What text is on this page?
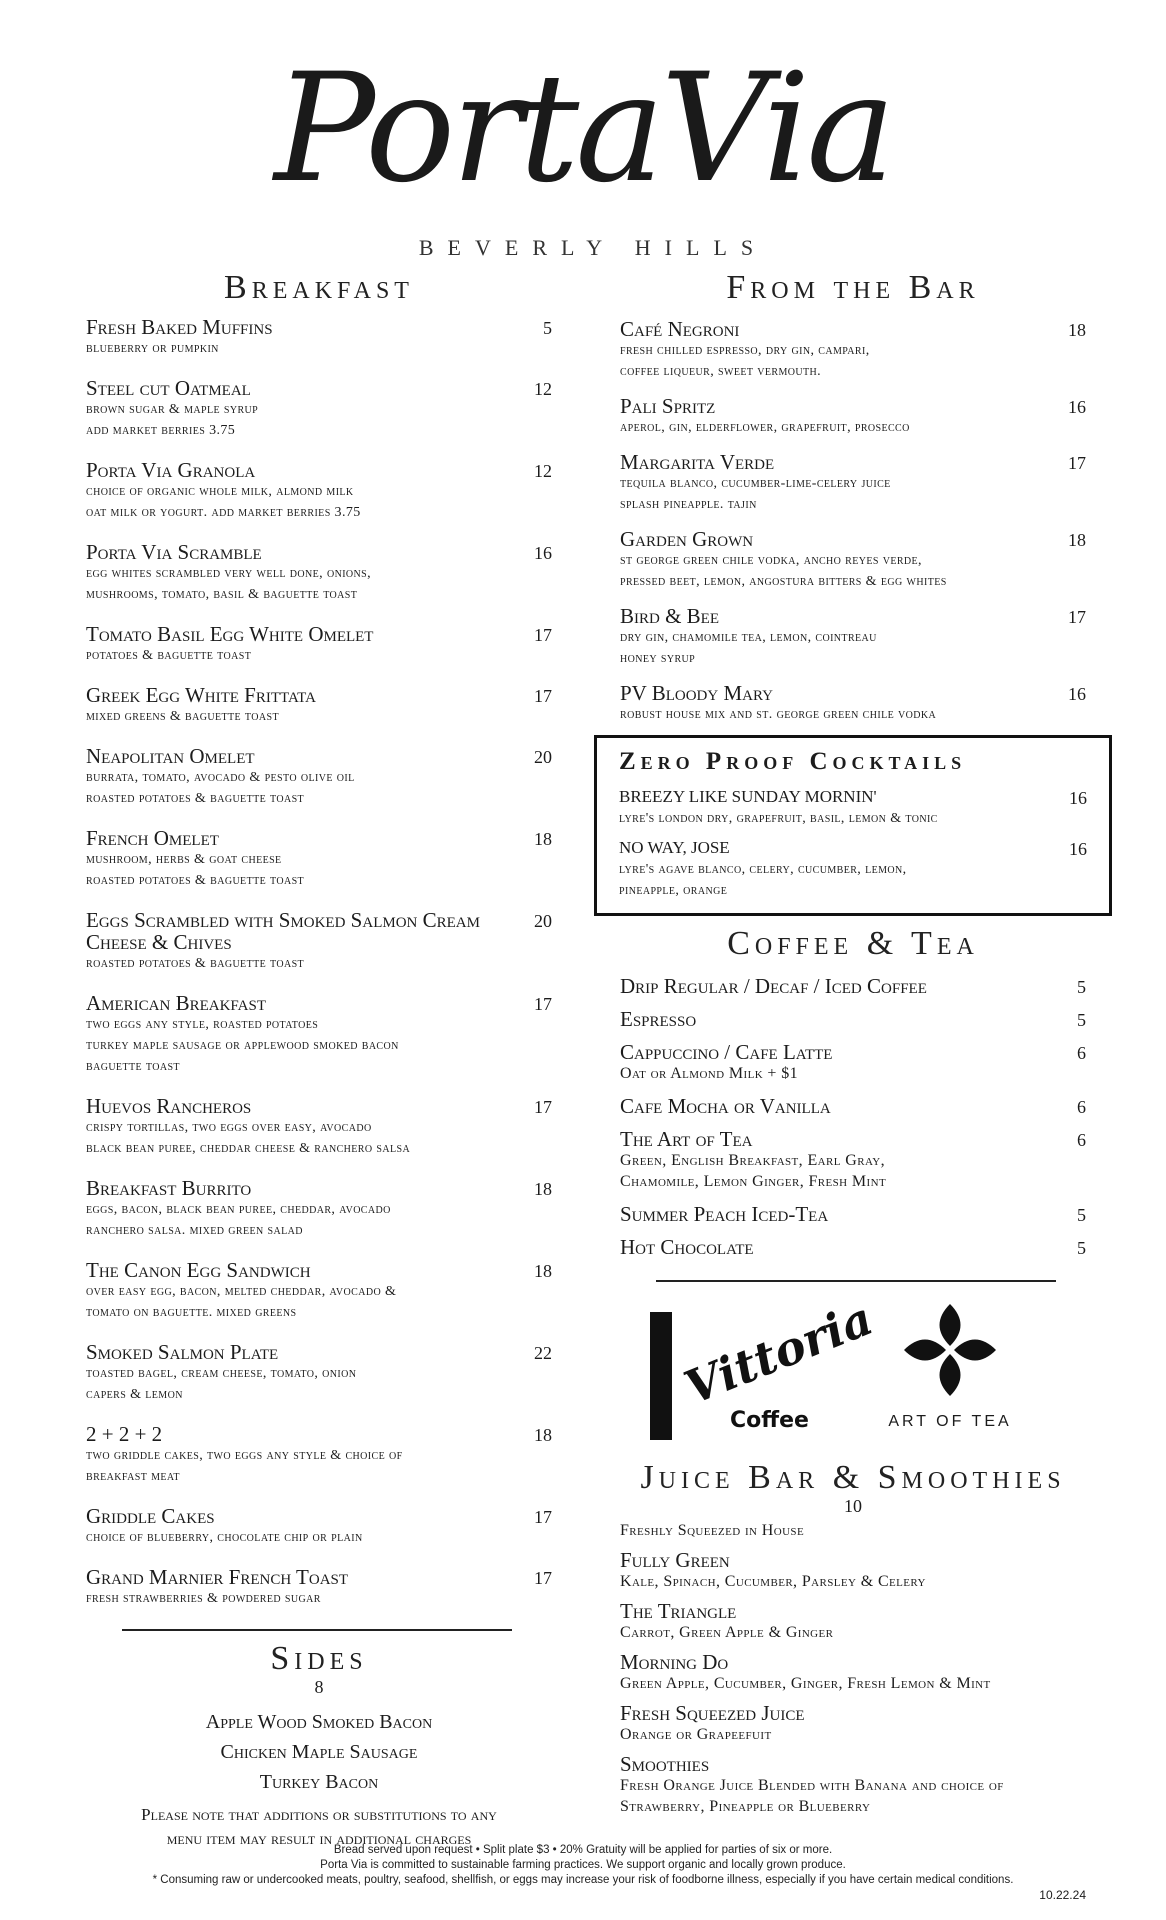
PortaVia
BEVERLY HILLS
Breakfast
Fresh Baked Muffins	5
blueberry or pumpkin
Steel cut Oatmeal	12
brown sugar & maple syrup
add market berries 3.75
Porta Via Granola	12
choice of organic whole milk, almond milk
oat milk or yogurt. add market berries 3.75
Porta Via Scramble	16
egg whites scrambled very well done, onions,
mushrooms, tomato, basil & baguette toast
Tomato Basil Egg White Omelet	17
potatoes & baguette toast
Greek Egg White Frittata	17
mixed greens & baguette toast
Neapolitan Omelet	20
burrata, tomato, avocado & pesto olive oil
roasted potatoes & baguette toast
French Omelet	18
mushroom, herbs & goat cheese
roasted potatoes & baguette toast
Eggs Scrambled with Smoked Salmon Cream Cheese & Chives
20
roasted potatoes & baguette toast
American Breakfast	17
two eggs any style, roasted potatoes
turkey maple sausage or applewood smoked bacon
baguette toast
Huevos Rancheros	17
crispy tortillas, two eggs over easy, avocado
black bean puree, cheddar cheese & ranchero salsa
Breakfast Burrito	18
eggs, bacon, black bean puree, cheddar, avocado
ranchero salsa. mixed green salad
The Canon Egg Sandwich	18
over easy egg, bacon, melted cheddar, avocado &
tomato on baguette. mixed greens
Smoked Salmon Plate	22
toasted bagel, cream cheese, tomato, onion
capers & lemon
2 + 2 + 2	18
two griddle cakes, two eggs any style & choice of
breakfast meat
Griddle Cakes	17
choice of blueberry, chocolate chip or plain
Grand Marnier French Toast	17
fresh strawberries & powdered sugar
Sides
8
Apple Wood Smoked Bacon
Chicken Maple Sausage
Turkey Bacon
Please note that additions or substitutions to any
menu item may result in additional charges
From the Bar
Café Negroni	18
fresh chilled espresso, dry gin, campari,
coffee liqueur, sweet vermouth.
Pali Spritz	16
aperol, gin, elderflower, grapefruit, prosecco
Margarita Verde	17
tequila blanco, cucumber-lime-celery juice
splash pineapple. tajin
Garden Grown	18
st george green chile vodka, ancho reyes verde,
pressed beet, lemon, angostura bitters & egg whites
Bird & Bee	17
dry gin, chamomile tea, lemon, cointreau
honey syrup
PV Bloody Mary	16
robust house mix and st. george green chile vodka
Zero Proof Cocktails
BREEZY LIKE SUNDAY MORNIN'	16
lyre's london dry, grapefruit, basil, lemon & tonic
NO WAY, JOSE	16
lyre's agave blanco, celery, cucumber, lemon,
pineapple, orange
Coffee & Tea
Drip Regular / Decaf / Iced Coffee	5
Espresso	5
Cappuccino / Cafe Latte	6
Oat or Almond Milk + $1
Cafe Mocha or Vanilla	6
The Art of Tea	6
Green, English Breakfast, Earl Gray,
Chamomile, Lemon Ginger, Fresh Mint
Summer Peach Iced-Tea	5
Hot Chocolate	5
Vittoria
Coffee	ART OF TEA
Juice Bar & Smoothies
10
Freshly Squeezed in House
Fully Green
Kale, Spinach, Cucumber, Parsley & Celery
The Triangle
Carrot, Green Apple & Ginger
Morning Do
Green Apple, Cucumber, Ginger, Fresh Lemon & Mint
Fresh Squeezed Juice
Orange or Grapeefuit
Smoothies
Fresh Orange Juice Blended with Banana and choice of
Strawberry, Pineapple or Blueberry
Bread served upon request • Split plate $3 • 20% Gratuity will be applied for parties of six or more.
Porta Via is committed to sustainable farming practices. We support organic and locally grown produce.
* Consuming raw or undercooked meats, poultry, seafood, shellfish, or eggs may increase your risk of foodborne illness, especially if you have certain medical conditions.
10.22.24
